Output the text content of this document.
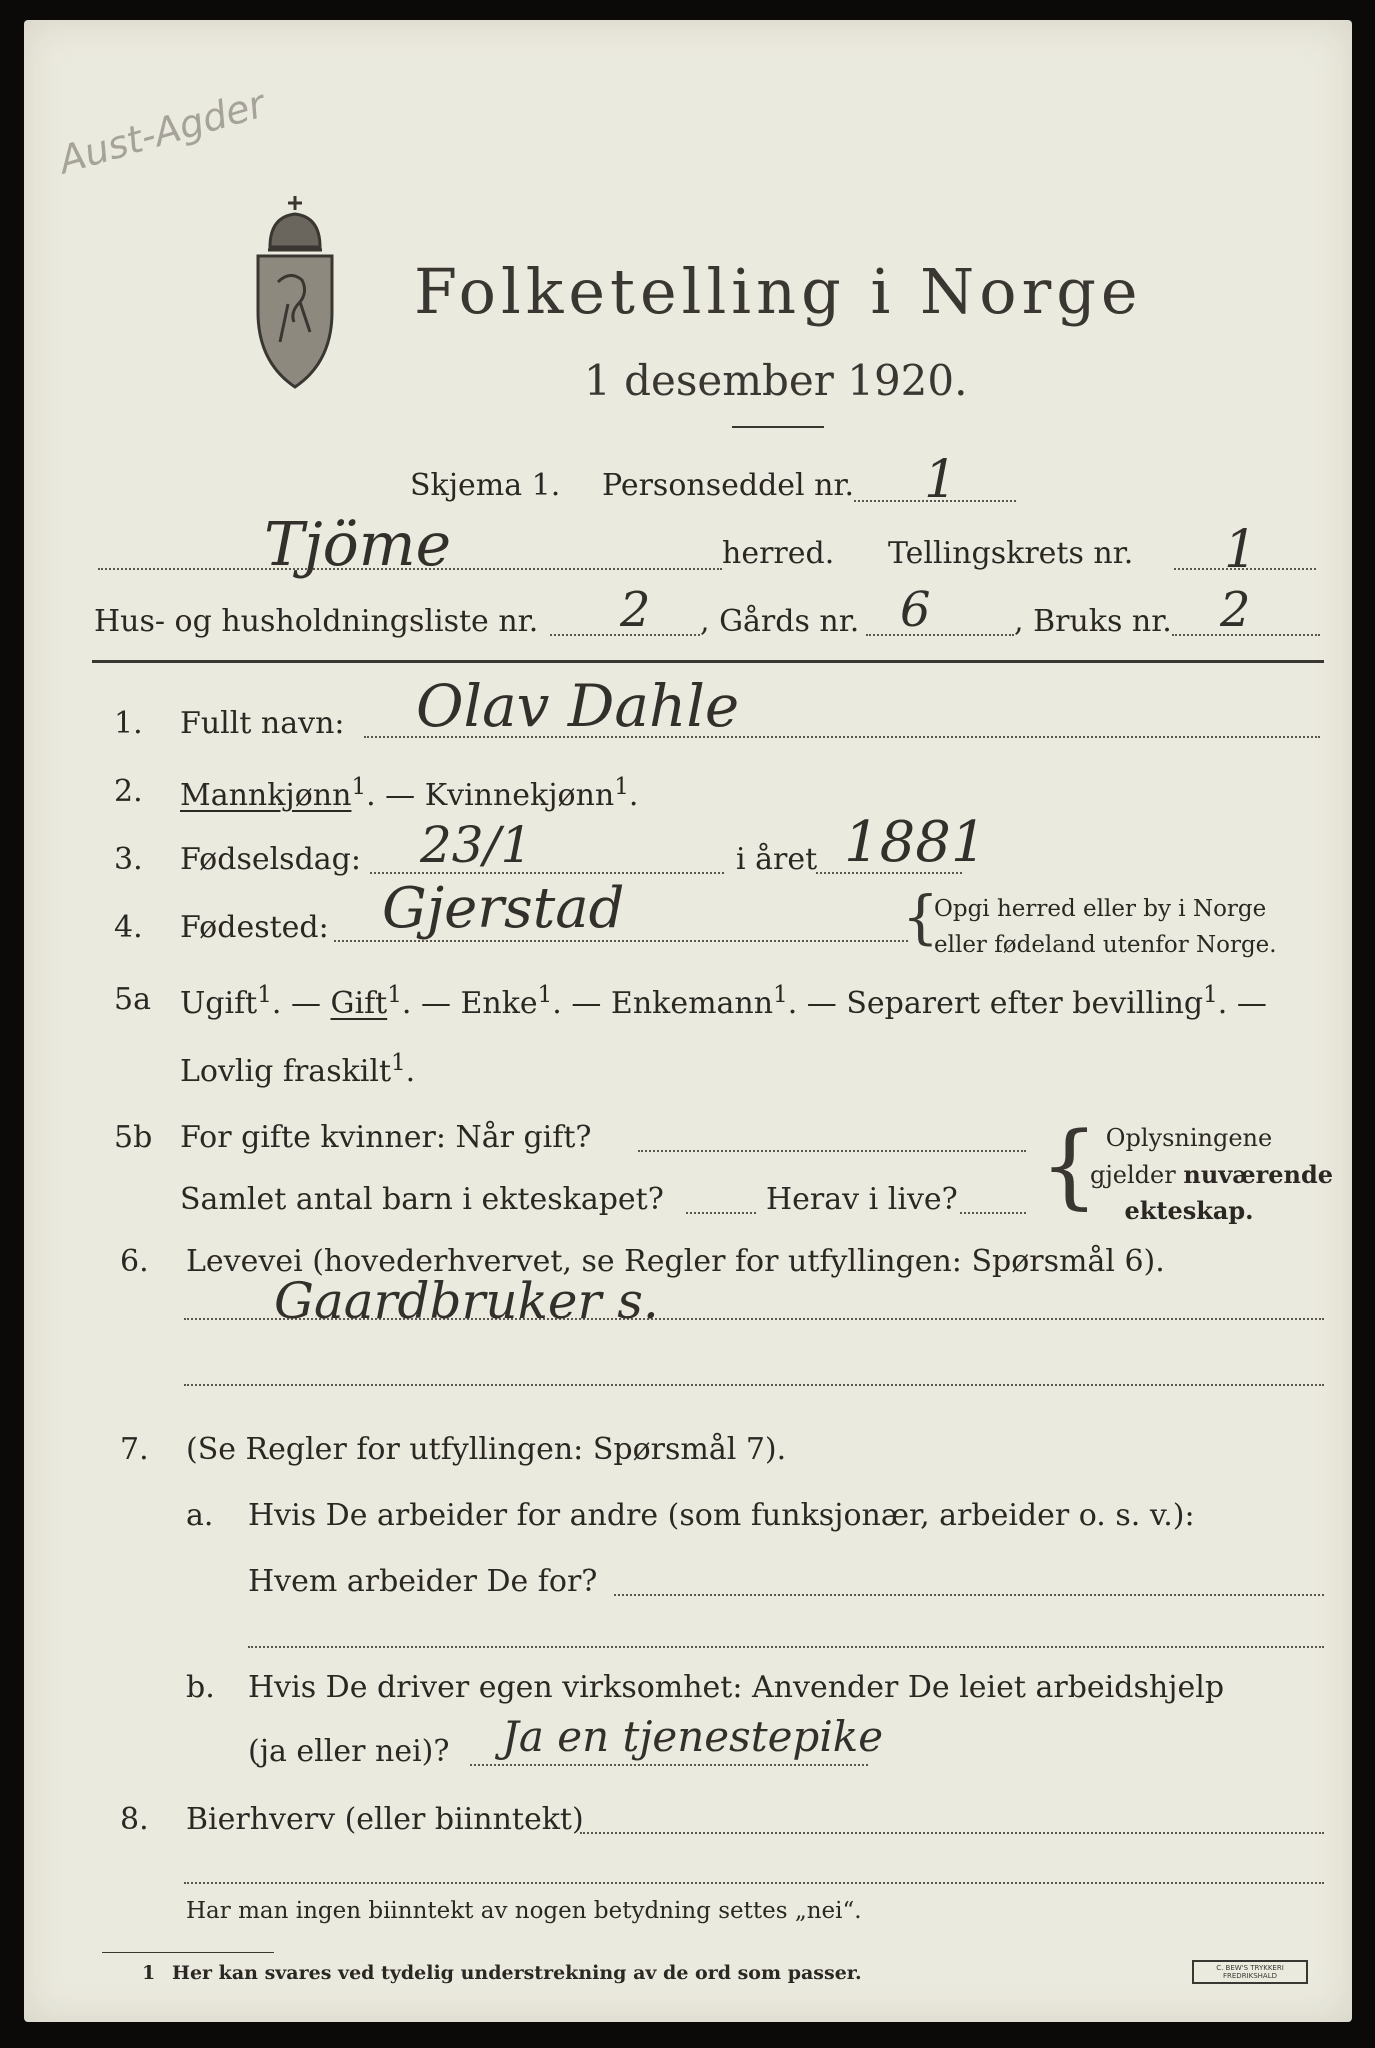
Aust-Agder
Folketelling i Norge
1 desember 1920.
Skjema 1. Personseddel nr. 1
Tjöme	herred. Tellingskrets nr. 1
Hus- og husholdningsliste nr. 2 , Gårds nr. 6	, Bruks nr. 2
1. Fullt navn: Olav Dahle
2. Mannkjønn$^1$. — Kvinnekjønn$^1$.
3. Fødselsdag: 23/1	i året 1881
4. Fødested: Gjerstad	{
Opgi herred eller by i Norge
eller fødeland utenfor Norge.
5a Ugift$^1$. — Gift$^1$. — Enke$^1$. — Enkemann$^1$. — Separert efter bevilling$^1$. —
Lovlig fraskilt$^1$.
5b For gifte kvinner: Når gift?
Samlet antal barn i ekteskapet?	Herav i live? { Oplysningene
gjelder nuværende
ekteskap.
6. Levevei (hovederhvervet, se Regler for utfyllingen: Spørsmål 6).
Gaardbruker s.
7. (Se Regler for utfyllingen: Spørsmål 7).
a. Hvis De arbeider for andre (som funksjonær, arbeider o. s. v.):
Hvem arbeider De for?
b. Hvis De driver egen virksomhet: Anvender De leiet arbeidshjelp
(ja eller nei)? Ja en tjenestepike
8. Bierhverv (eller biinntekt)
Har man ingen biinntekt av nogen betydning settes „nei“.
1 Her kan svares ved tydelig understrekning av de ord som passer.	C. BEW'S TRYKKERI
FREDRIKSHALD
